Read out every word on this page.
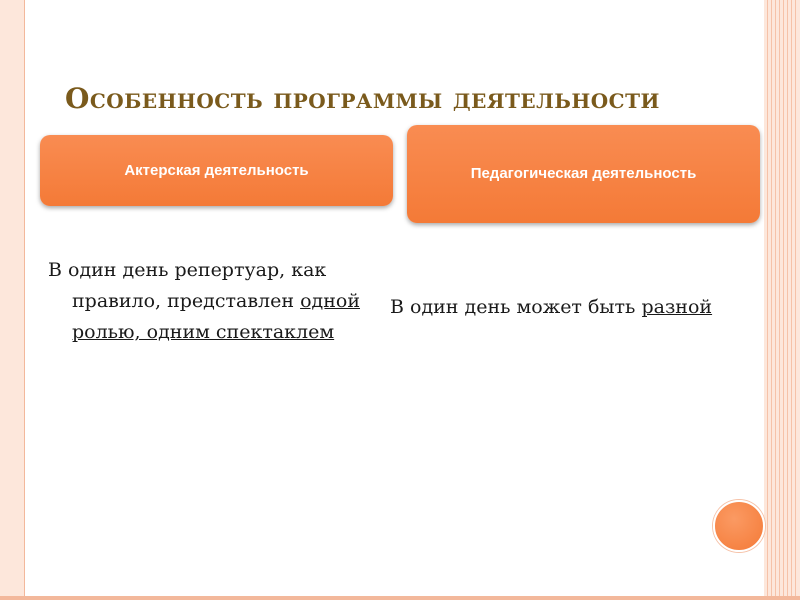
Особенность программы деятельности
Актерская деятельность	Педагогическая деятельность
В один день репертуар, как правило, представлен одной ролью, одним спектаклем
В один день может быть разной
